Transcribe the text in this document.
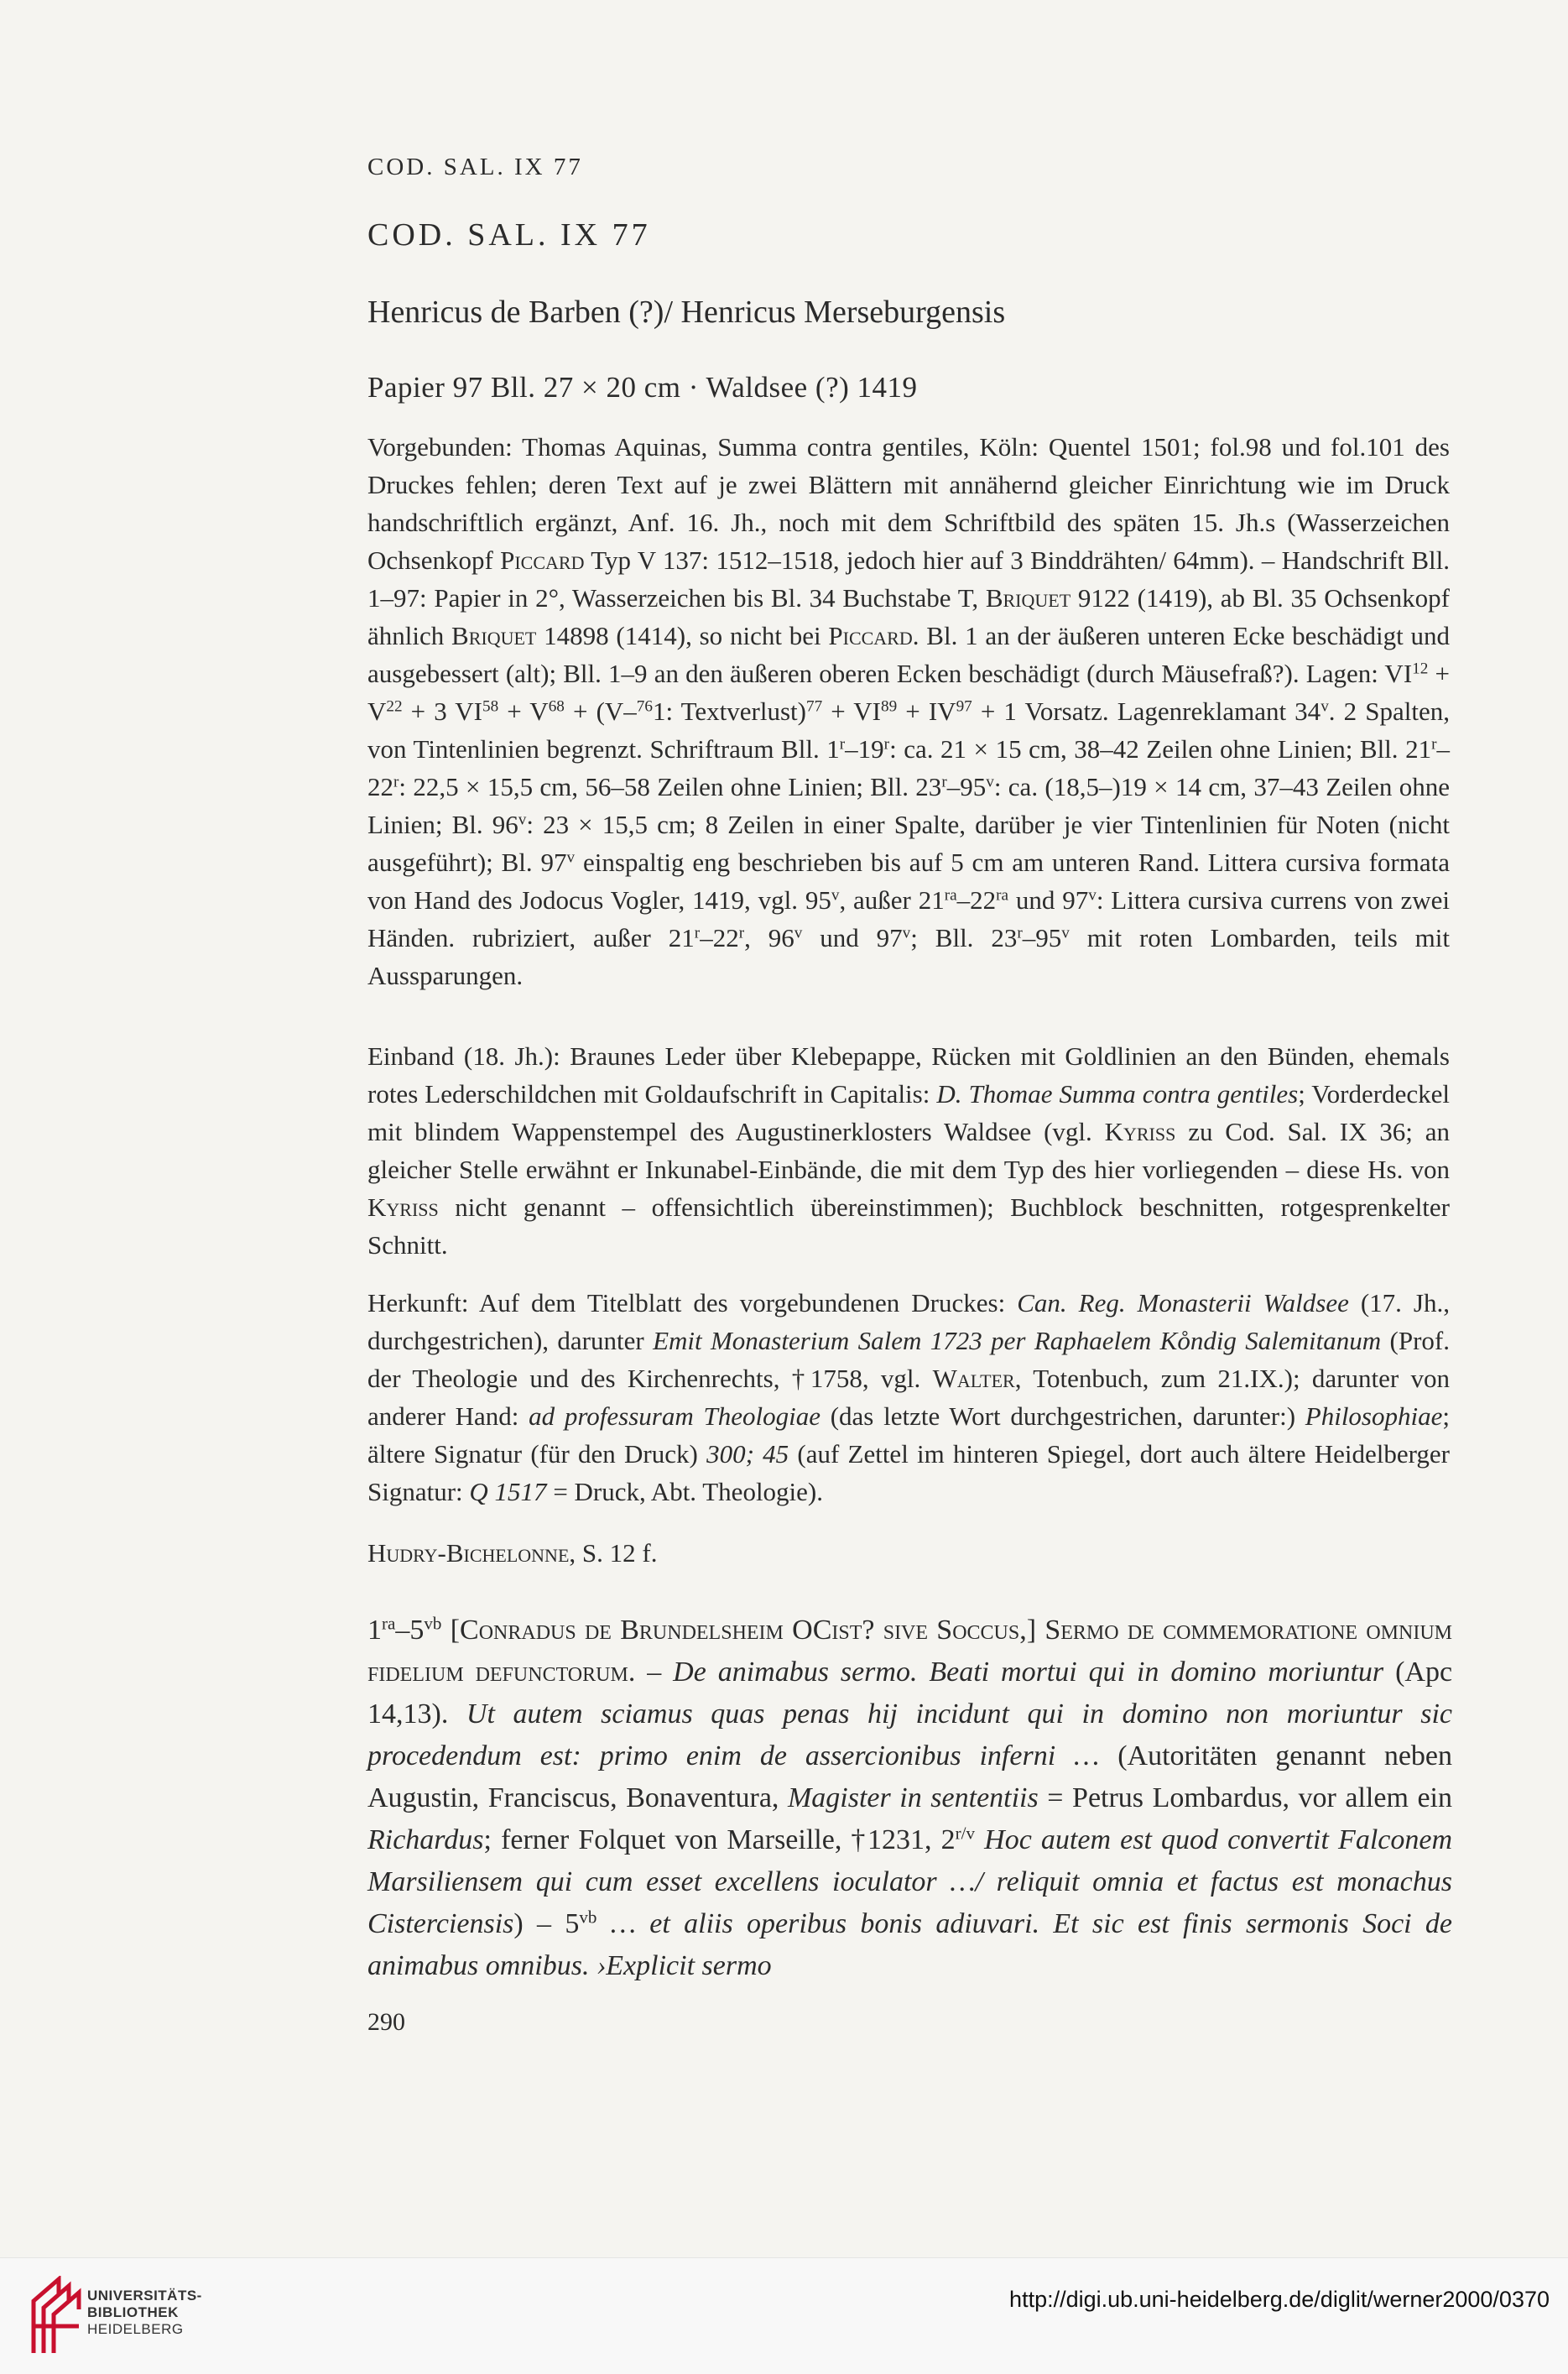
COD. SAL. IX 77
COD. SAL. IX 77
Henricus de Barben (?)/ Henricus Merseburgensis
Papier 97 Bll. 27 × 20 cm · Waldsee (?) 1419

Vorgebunden: Thomas Aquinas, Summa contra gentiles, Köln: Quentel 1501; fol.98 und fol.101 des Druckes fehlen; deren Text auf je zwei Blättern mit annähernd gleicher Einrichtung wie im Druck handschriftlich ergänzt, Anf. 16. Jh., noch mit dem Schriftbild des späten 15. Jh.s (Wasserzeichen Ochsenkopf Piccard Typ V 137: 1512–1518, jedoch hier auf 3 Binddrähten/ 64mm). – Handschrift Bll. 1–97: Papier in 2°, Wasserzeichen bis Bl. 34 Buchstabe T, Briquet 9122 (1419), ab Bl. 35 Ochsenkopf ähnlich Briquet 14898 (1414), so nicht bei Piccard. Bl. 1 an der äußeren unteren Ecke beschädigt und ausgebessert (alt); Bll. 1–9 an den äußeren oberen Ecken beschädigt (durch Mäusefraß?). Lagen: $VI^{12} + V^{22} + 3$ $VI^{58} + V^{68} + (V-^{76}1$: Textverlust)$^{77}$ + $VI^{89} + IV^{97} + 1$ Vorsatz. Lagenreklamant 34$^v$. 2 Spalten, von Tintenlinien begrenzt. Schriftraum Bll. 1$^r$–19$^r$: ca. 21 × 15 cm, 38–42 Zeilen ohne Linien; Bll. 21$^r$–22$^r$: 22,5 × 15,5 cm, 56–58 Zeilen ohne Linien; Bll. 23$^r$–95$^v$: ca. (18,5–)19 × 14 cm, 37–43 Zeilen ohne Linien; Bl. 96$^v$: 23 × 15,5 cm; 8 Zeilen in einer Spalte, darüber je vier Tintenlinien für Noten (nicht ausgeführt); Bl. 97$^v$ einspaltig eng beschrieben bis auf 5 cm am unteren Rand. Littera cursiva formata von Hand des Jodocus Vogler, 1419, vgl. 95$^v$, außer $21^{ra}-22^{ra}$ und 97$^v$: Littera cursiva currens von zwei Händen. rubriziert, außer 21$^r$–22$^r$, 96$^v$ und 97$^v$; Bll. 23$^r$–95$^v$ mit roten Lombarden, teils mit Aussparungen.

Einband (18. Jh.): Braunes Leder über Klebepappe, Rücken mit Goldlinien an den Bünden, ehemals rotes Lederschildchen mit Goldaufschrift in Capitalis: D. Thomae Summa contra gentiles; Vorderdeckel mit blindem Wappenstempel des Augustinerklosters Waldsee (vgl. Kyriss zu Cod. Sal. IX 36; an gleicher Stelle erwähnt er Inkunabel-Einbände, die mit dem Typ des hier vorliegenden – diese Hs. von Kyriss nicht genannt – offensichtlich übereinstimmen); Buchblock beschnitten, rotgesprenkelter Schnitt.

Herkunft: Auf dem Titelblatt des vorgebundenen Druckes: Can. Reg. Monasterii Waldsee (17. Jh., durchgestrichen), darunter Emit Monasterium Salem 1723 per Raphaelem Ko̊ndig Salemitanum (Prof. der Theologie und des Kirchenrechts, †1758, vgl. Walter, Totenbuch, zum 21.IX.); darunter von anderer Hand: ad professuram Theologiae (das letzte Wort durchgestrichen, darunter:) Philosophiae; ältere Signatur (für den Druck) 300; 45 (auf Zettel im hinteren Spiegel, dort auch ältere Heidelberger Signatur: Q 1517 = Druck, Abt. Theologie).

Hudry-Bichelonne, S. 12 f.

$1^{ra}-5^{vb}$ [Conradus de Brundelsheim OCist? sive Soccus,] Sermo de commemoratione omnium fidelium defunctorum. – De animabus sermo. Beati mortui qui in domino moriuntur (Apc 14,13). Ut autem sciamus quas penas hij incidunt qui in domino non moriuntur sic procedendum est: primo enim de assercionibus inferni … (Autoritäten genannt neben Augustin, Franciscus, Bonaventura, Magister in sententiis = Petrus Lombardus, vor allem ein Richardus; ferner Folquet von Marseille, †1231, $2^{r/v}$ Hoc autem est quod convertit Falconem Marsiliensem qui cum esset excellens ioculator …/ reliquit omnia et factus est monachus Cisterciensis) – $5^{vb}$ … et aliis operibus bonis adiuvari. Et sic est finis sermonis Soci de animabus omnibus. ›Explicit sermo

290
UNIVERSITÄTS-
BIBLIOTHEK
HEIDELBERG
http://digi.ub.uni-heidelberg.de/diglit/werner2000/0370
